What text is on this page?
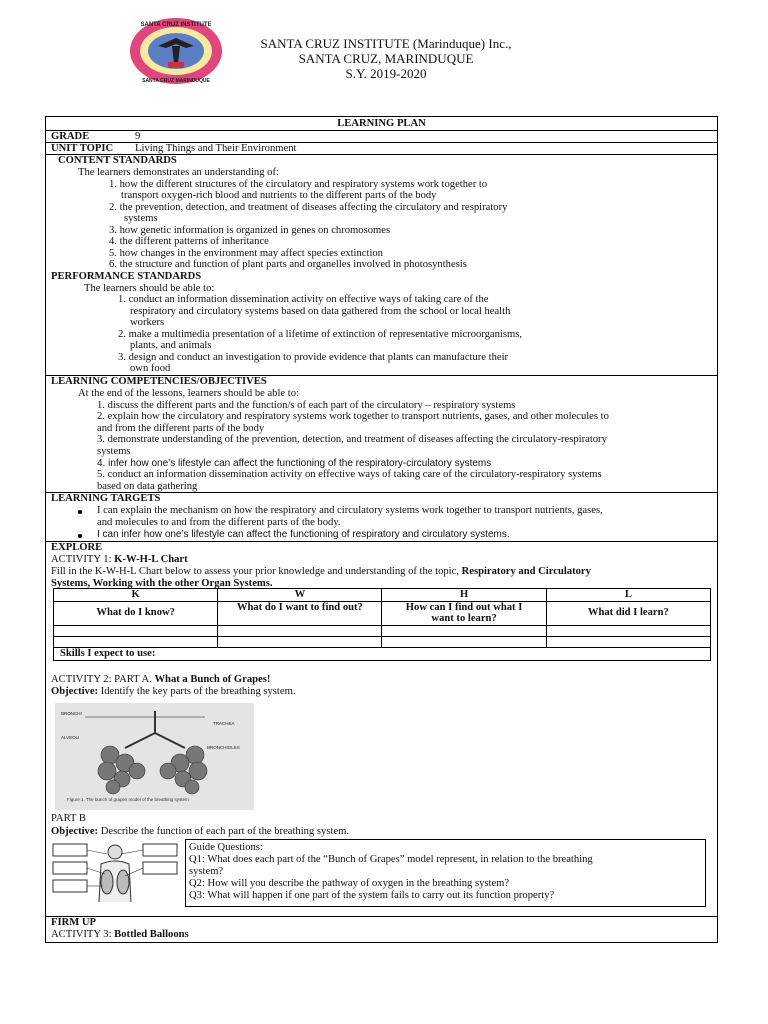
SANTA CRUZ INSTITUTE
SANTA CRUZ MARINDUQUE
SANTA CRUZ INSTITUTE (Marinduque) Inc.,
SANTA CRUZ, MARINDUQUE
S.Y. 2019-2020
LEARNING PLAN
GRADE	9
UNIT TOPIC Living Things and Their Environment
CONTENT STANDARDS
The learners demonstrates an understanding of:
1. how the different structures of the circulatory and respiratory systems work together to
transport oxygen-rich blood and nutrients to the different parts of the body
2. the prevention, detection, and treatment of diseases affecting the circulatory and respiratory
systems
3. how genetic information is organized in genes on chromosomes
4. the different patterns of inheritance
5. how changes in the environment may affect species extinction
6. the structure and function of plant parts and organelles involved in photosynthesis
PERFORMANCE STANDARDS
The learners should be able to:
1. conduct an information dissemination activity on effective ways of taking care of the
respiratory and circulatory systems based on data gathered from the school or local health
workers
2. make a multimedia presentation of a lifetime of extinction of representative microorganisms,
plants, and animals
3. design and conduct an investigation to provide evidence that plants can manufacture their
own food
LEARNING COMPETENCIES/OBJECTIVES
At the end of the lessons, learners should be able to:
1. discuss the different parts and the function/s of each part of the circulatory – respiratory systems
2. explain how the circulatory and respiratory systems work together to transport nutrients, gases, and other molecules to
and from the different parts of the body
3. demonstrate understanding of the prevention, detection, and treatment of diseases affecting the circulatory-respiratory
systems
4. infer how one’s lifestyle can affect the functioning of the respiratory-circulatory systems
5. conduct an information dissemination activity on effective ways of taking care of the circulatory-respiratory systems
based on data gathering
LEARNING TARGETS
I can explain the mechanism on how the respiratory and circulatory systems work together to transport nutrients, gases,
and molecules to and from the different parts of the body.
I can infer how one’s lifestyle can affect the functioning of respiratory and circulatory systems.
EXPLORE
ACTIVITY 1: K-W-H-L Chart
Fill in the K-W-H-L Chart below to assess your prior knowledge and understanding of the topic, Respiratory and Circulatory
Systems, Working with the other Organ Systems.
K	W	H	L
What do I know?	What do I want to find out?	How can I find out what I
want to learn?	What did I learn?

Skills I expect to use:			
ACTIVITY 2: PART A. What a Bunch of Grapes!
Objective: Identify the key parts of the breathing system.
BRONCHI
TRACHEA
ALVEOLI
BRONCHIOLES
Figure 1. The bunch of grapes model of the breathing system
PART B
Objective: Describe the function of each part of the breathing system.
Guide Questions:
Q1: What does each part of the “Bunch of Grapes” model represent, in relation to the breathing
system?
Q2: How will you describe the pathway of oxygen in the breathing system?
Q3: What will happen if one part of the system fails to carry out its function property?
FIRM UP
ACTIVITY 3: Bottled Balloons
